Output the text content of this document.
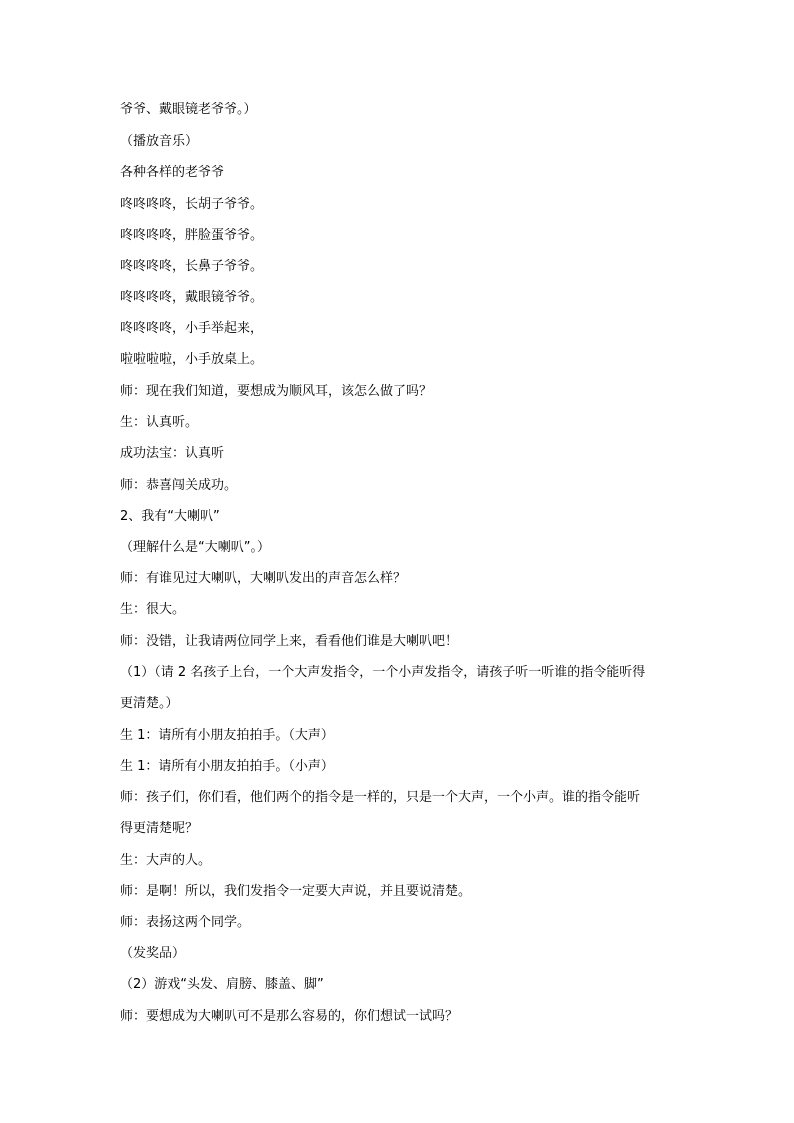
爷爷、戴眼镜老爷爷。）
（播放音乐）
各种各样的老爷爷
咚咚咚咚，长胡子爷爷。
咚咚咚咚，胖脸蛋爷爷。
咚咚咚咚，长鼻子爷爷。
咚咚咚咚，戴眼镜爷爷。
咚咚咚咚，小手举起来，
啦啦啦啦，小手放桌上。
师：现在我们知道，要想成为顺风耳，该怎么做了吗？
生：认真听。
成功法宝：认真听
师：恭喜闯关成功。
2、我有“大喇叭”
（理解什么是“大喇叭”。）
师：有谁见过大喇叭，大喇叭发出的声音怎么样？
生：很大。
师：没错，让我请两位同学上来，看看他们谁是大喇叭吧！
（1）（请 2 名孩子上台，一个大声发指令，一个小声发指令，请孩子听一听谁的指令能听得
更清楚。）
生 1：请所有小朋友拍拍手。（大声）
生 1：请所有小朋友拍拍手。（小声）
师：孩子们，你们看，他们两个的指令是一样的，只是一个大声，一个小声。谁的指令能听
得更清楚呢？
生：大声的人。
师：是啊！所以，我们发指令一定要大声说，并且要说清楚。
师：表扬这两个同学。
（发奖品）
（2）游戏“头发、肩膀、膝盖、脚”
师：要想成为大喇叭可不是那么容易的，你们想试一试吗？
